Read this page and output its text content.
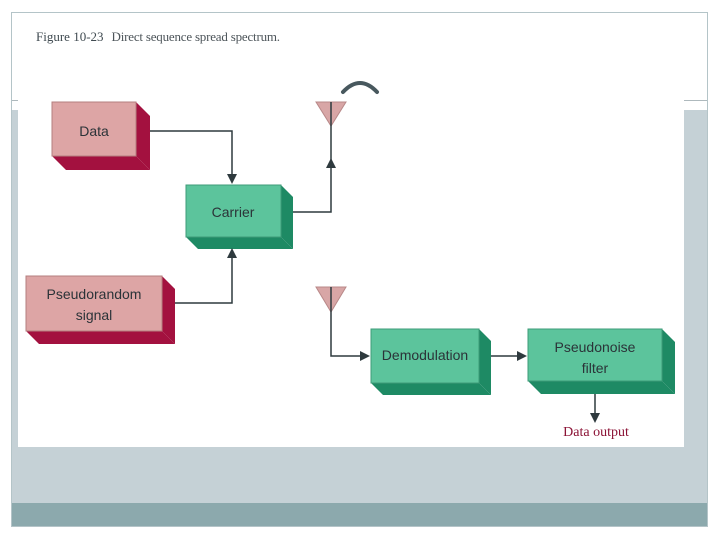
Figure 10-23 Direct sequence spread spectrum.
Data
Carrier
Pseudorandom
signal
Demodulation	Pseudonoise
filter
Data output
